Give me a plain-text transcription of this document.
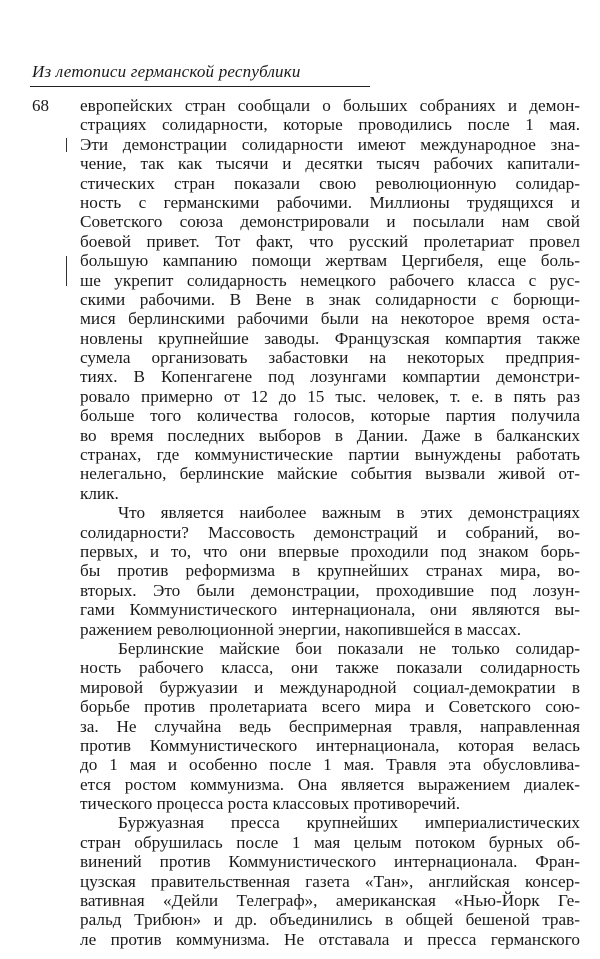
Из летописи германской республики
68 европейских стран сообщали о больших собраниях и демон-
страциях солидарности, которые проводились после 1 мая.
Эти демонстрации солидарности имеют международное зна-
чение, так как тысячи и десятки тысяч рабочих капитали-
стических стран показали свою революционную солидар-
ность с германскими рабочими. Миллионы трудящихся и
Советского союза демонстрировали и посылали нам свой
боевой привет. Тот факт, что русский пролетариат провел
большую кампанию помощи жертвам Цергибеля, еще боль-
ше укрепит солидарность немецкого рабочего класса с рус-
скими рабочими. В Вене в знак солидарности с борющи-
мися берлинскими рабочими были на некоторое время оста-
новлены крупнейшие заводы. Французская компартия также
сумела организовать забастовки на некоторых предприя-
тиях. В Копенгагене под лозунгами компартии демонстри-
ровало примерно от 12 до 15 тыс. человек, т. е. в пять раз
больше того количества голосов, которые партия получила
во время последних выборов в Дании. Даже в балканских
странах, где коммунистические партии вынуждены работать
нелегально, берлинские майские события вызвали живой от-
клик.
Что является наиболее важным в этих демонстрациях
солидарности? Массовость демонстраций и собраний, во-
первых, и то, что они впервые проходили под знаком борь-
бы против реформизма в крупнейших странах мира, во-
вторых. Это были демонстрации, проходившие под лозун-
гами Коммунистического интернационала, они являются вы-
ражением революционной энергии, накопившейся в массах.
Берлинские майские бои показали не только солидар-
ность рабочего класса, они также показали солидарность
мировой буржуазии и международной социал-демократии в
борьбе против пролетариата всего мира и Советского сою-
за. Не случайна ведь беспримерная травля, направленная
против Коммунистического интернационала, которая велась
до 1 мая и особенно после 1 мая. Травля эта обусловлива-
ется ростом коммунизма. Она является выражением диалек-
тического процесса роста классовых противоречий.
Буржуазная пресса крупнейших империалистических
стран обрушилась после 1 мая целым потоком бурных об-
винений против Коммунистического интернационала. Фран-
цузская правительственная газета «Тан», английская консер-
вативная «Дейли Телеграф», американская «Нью-Йорк Ге-
ральд Трибюн» и др. объединились в общей бешеной трав-
ле против коммунизма. Не отставала и пресса германского
